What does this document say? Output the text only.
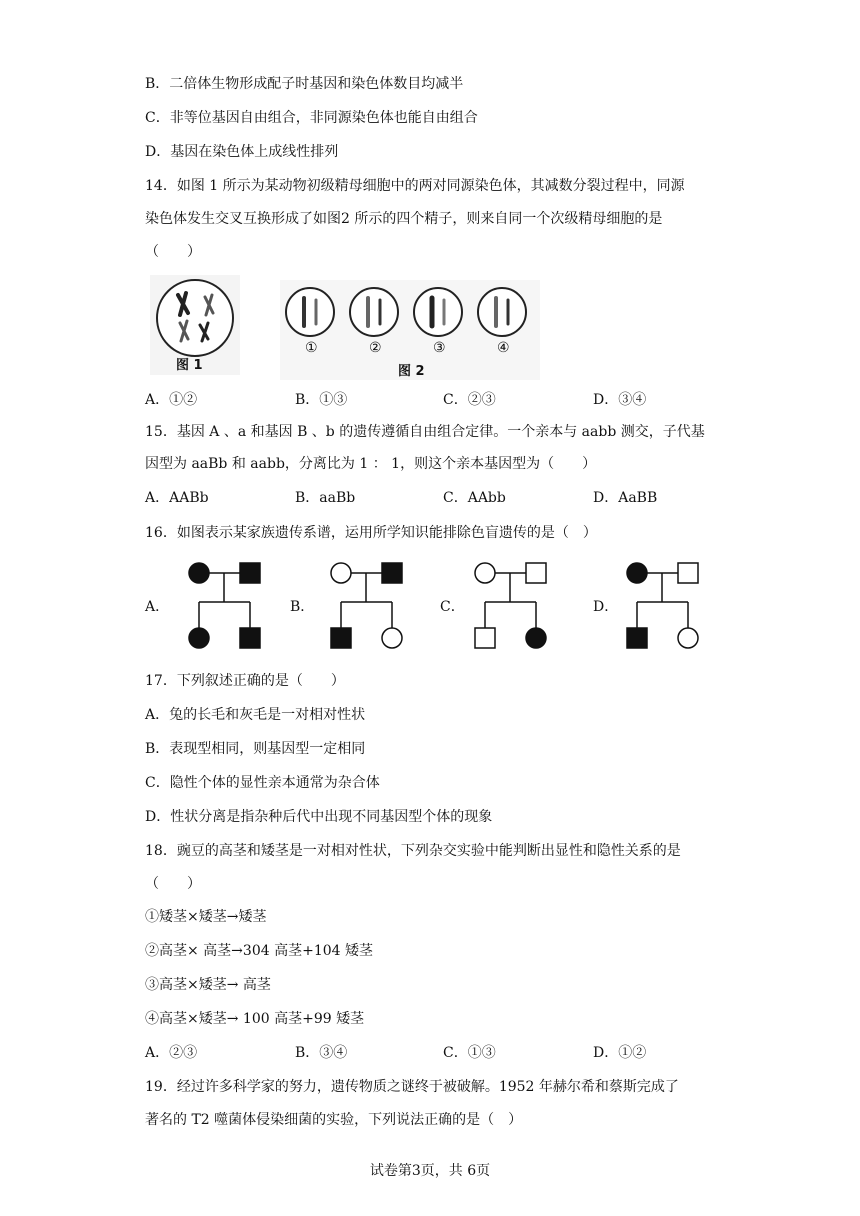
B．二倍体生物形成配子时基因和染色体数目均减半
C．非等位基因自由组合，非同源染色体也能自由组合
D．基因在染色体上成线性排列
14．如图 1 所示为某动物初级精母细胞中的两对同源染色体，其减数分裂过程中，同源
染色体发生交叉互换形成了如图2 所示的四个精子，则来自同一个次级精母细胞的是
（　　）
图 1
①	②	③	④
图 2
A．①②	B．①③	C．②③	D．③④
15．基因 A 、a 和基因 B 、b 的遗传遵循自由组合定律。一个亲本与 aabb 测交，子代基
因型为 aaBb 和 aabb，分离比为 1 ： 1，则这个亲本基因型为（　　）
A．AABb	B．aaBb	C．AAbb	D．AaBB
16．如图表示某家族遗传系谱，运用所学知识能排除色盲遗传的是（　）
A．	B．	C．	D．
17．下列叙述正确的是（　　）
A．兔的长毛和灰毛是一对相对性状
B．表现型相同，则基因型一定相同
C．隐性个体的显性亲本通常为杂合体
D．性状分离是指杂种后代中出现不同基因型个体的现象
18．豌豆的高茎和矮茎是一对相对性状，下列杂交实验中能判断出显性和隐性关系的是
（　　）
①矮茎×矮茎→矮茎
②高茎× 高茎→304 高茎+104 矮茎
③高茎×矮茎→ 高茎
④高茎×矮茎→ 100 高茎+99 矮茎
A．②③	B．③④	C．①③	D．①②
19．经过许多科学家的努力，遗传物质之谜终于被破解。1952 年赫尔希和蔡斯完成了
著名的 T2 噬菌体侵染细菌的实验，下列说法正确的是（　）
试卷第3页，共 6页
